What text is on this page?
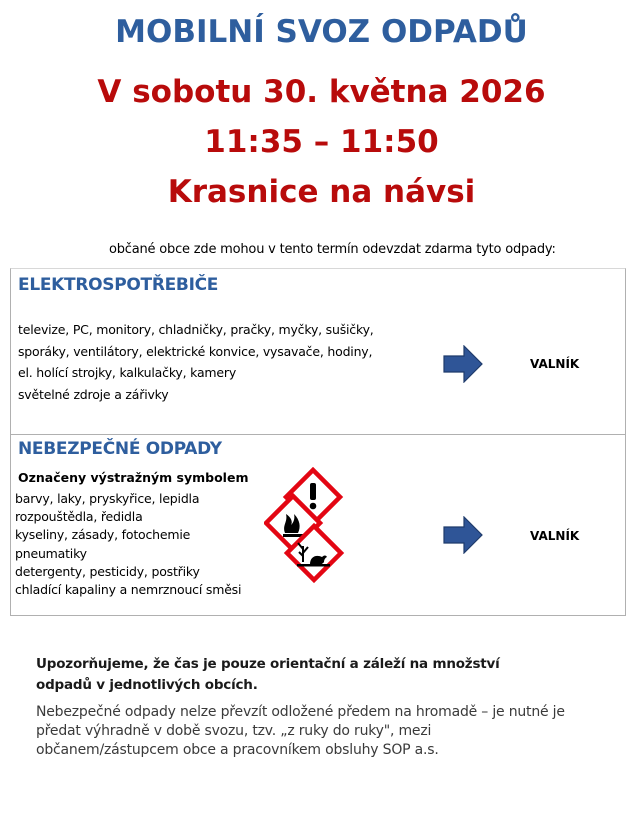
MOBILNÍ SVOZ ODPADŮ
V sobotu 30. května 2026
11:35 – 11:50
Krasnice na návsi

občané obce zde mohou v tento termín odevzdat zdarma tyto odpady:

ELEKTROSPOTŘEBIČE
televize, PC, monitory, chladničky, pračky, myčky, sušičky,
sporáky, ventilátory, elektrické konvice, vysavače, hodiny,
el. holící strojky, kalkulačky, kamery
světelné zdroje a zářivky

VALNÍK

NEBEZPEČNÉ ODPADY

Označeny výstražným symbolem

barvy, laky, pryskyřice, lepidla
rozpouštědla, ředidla
kyseliny, zásady, fotochemie
pneumatiky
detergenty, pesticidy, postřiky
chladící kapaliny a nemrznoucí směsi

VALNÍK

Upozorňujeme, že čas je pouze orientační a záleží na množství odpadů v jednotlivých obcích.

Nebezpečné odpady nelze převzít odložené předem na hromadě – je nutné je předat výhradně v době svozu, tzv. „z ruky do ruky", mezi občanem/zástupcem obce a pracovníkem obsluhy SOP a.s.
